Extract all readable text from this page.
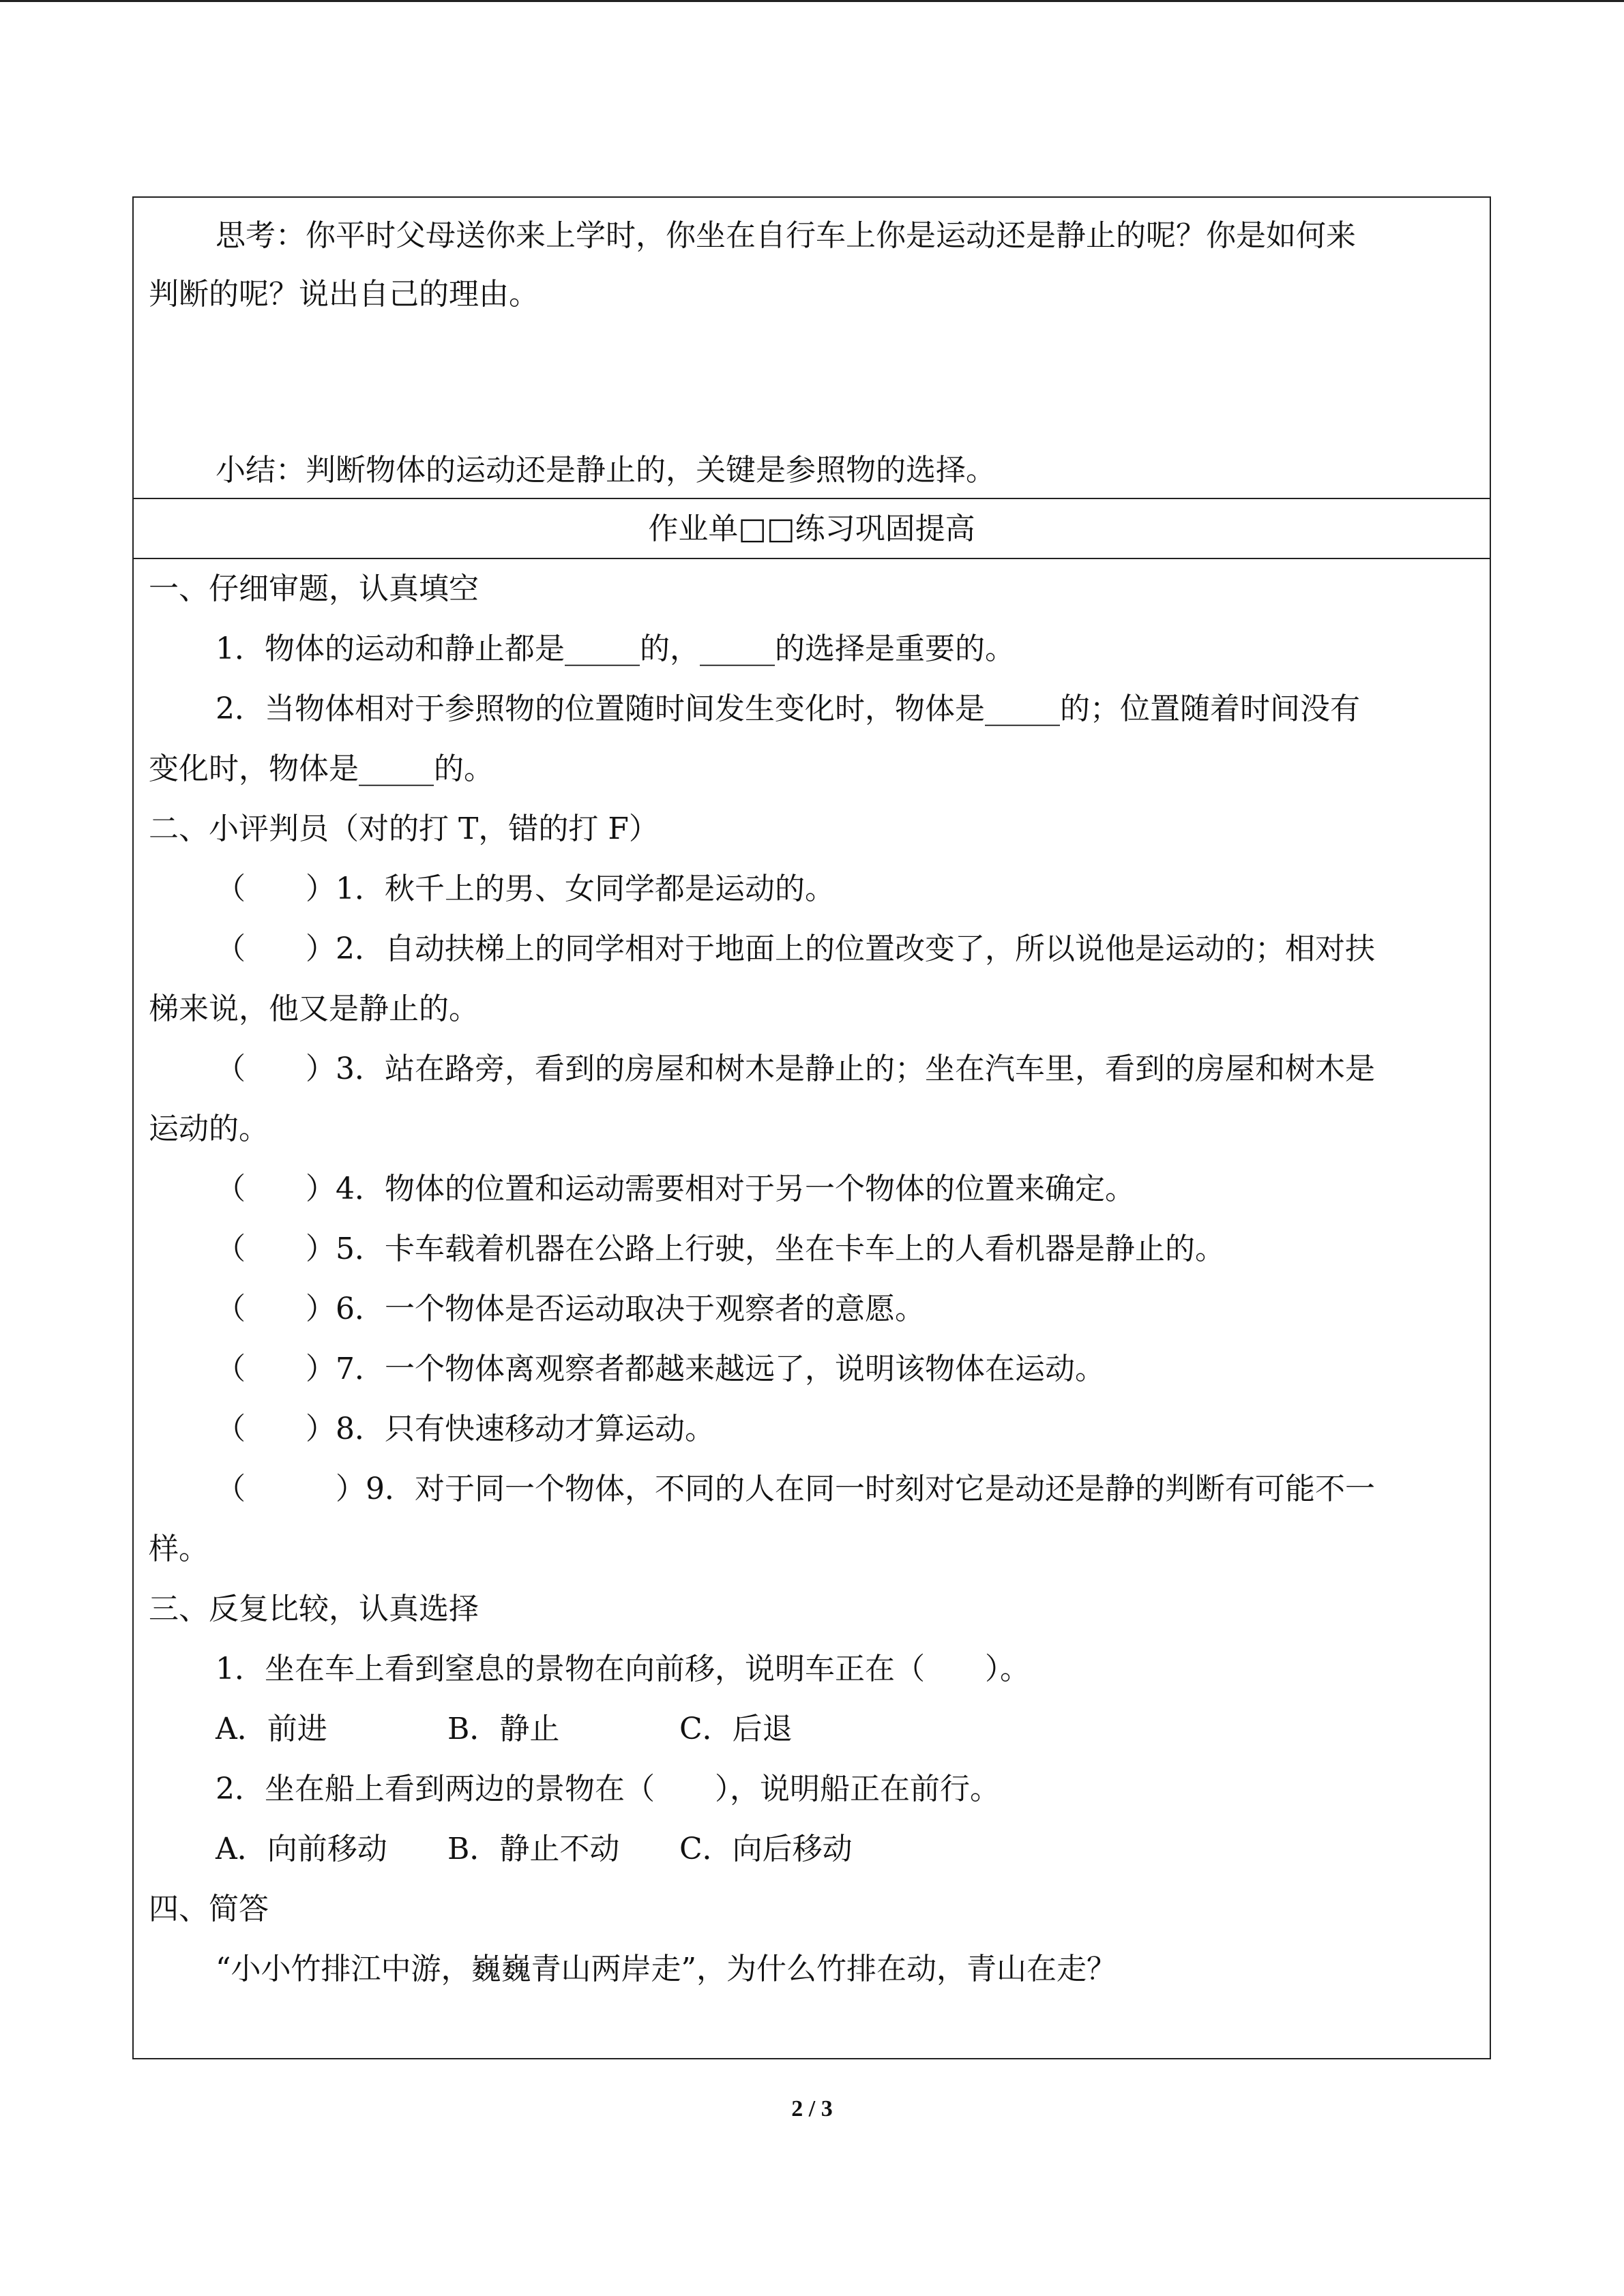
思考：你平时父母送你来上学时，你坐在自行车上你是运动还是静止的呢？你是如何来
判断的呢？说出自己的理由。
小结：判断物体的运动还是静止的，关键是参照物的选择。
作业单□□练习巩固提高
一、仔细审题，认真填空
1．物体的运动和静止都是_____的，_____的选择是重要的。
2．当物体相对于参照物的位置随时间发生变化时，物体是_____的；位置随着时间没有
变化时，物体是_____的。
二、小评判员（对的打 T，错的打 F）
（　　）1．秋千上的男、女同学都是运动的。
（　　）2．自动扶梯上的同学相对于地面上的位置改变了，所以说他是运动的；相对扶
梯来说，他又是静止的。
（　　）3．站在路旁，看到的房屋和树木是静止的；坐在汽车里，看到的房屋和树木是
运动的。
（　　）4．物体的位置和运动需要相对于另一个物体的位置来确定。
（　　）5．卡车载着机器在公路上行驶，坐在卡车上的人看机器是静止的。
（　　）6．一个物体是否运动取决于观察者的意愿。
（　　）7．一个物体离观察者都越来越远了，说明该物体在运动。
（　　）8．只有快速移动才算运动。
（　　　）9．对于同一个物体，不同的人在同一时刻对它是动还是静的判断有可能不一
样。
三、反复比较，认真选择
1．坐在车上看到窒息的景物在向前移，说明车正在（　　）。
A．前进	B．静止	C．后退
2．坐在船上看到两边的景物在（　　），说明船正在前行。
A．向前移动 B．静止不动 C．向后移动
四、简答
“小小竹排江中游，巍巍青山两岸走”，为什么竹排在动，青山在走？
2 / 3
